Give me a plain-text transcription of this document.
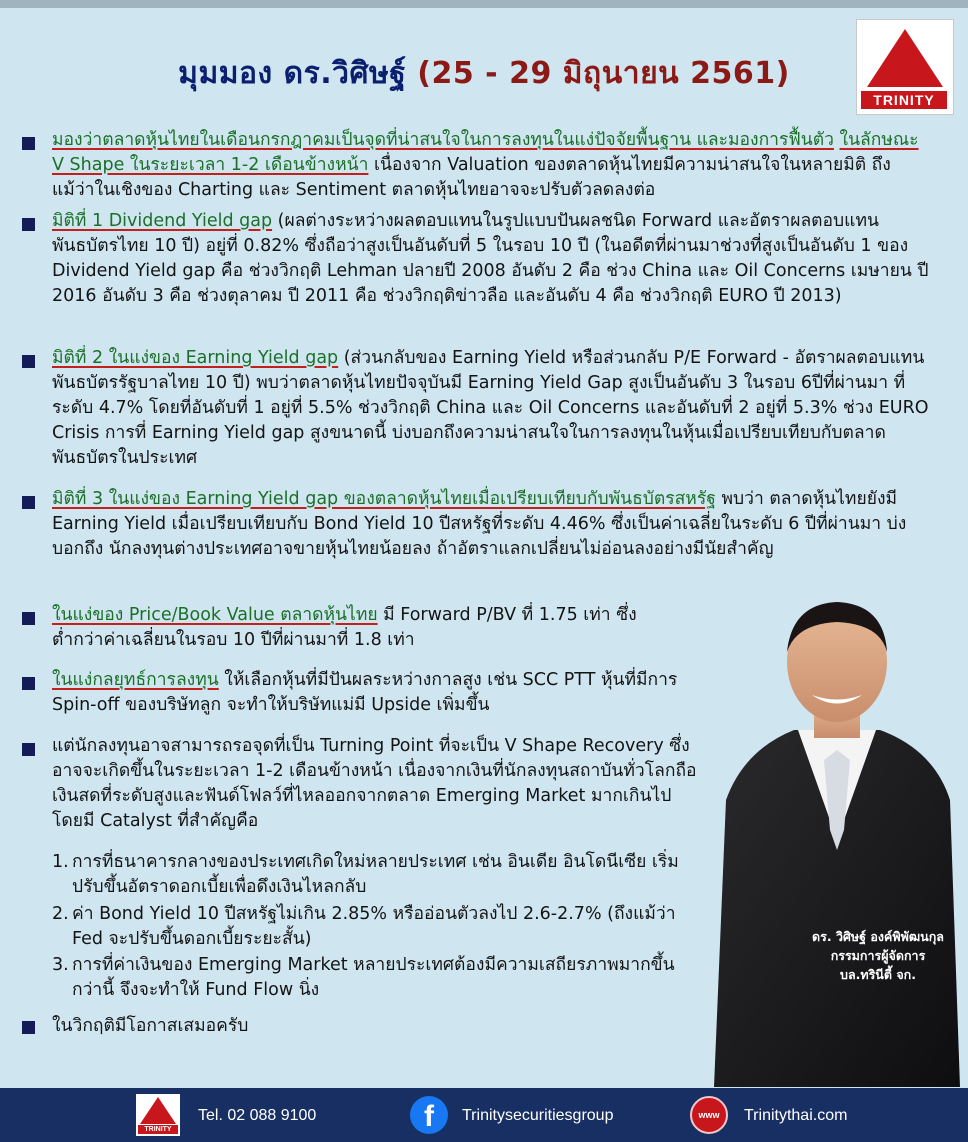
มุมมอง ดร.วิศิษฐ์ (25 - 29 มิถุนายน 2561)
TRINITY
มองว่าตลาดหุ้นไทยในเดือนกรกฎาคมเป็นจุดที่น่าสนใจในการลงทุนในแง่ปัจจัยพื้นฐาน และมองการฟื้นตัว ในลักษณะ V Shape ในระยะเวลา 1-2 เดือนข้างหน้า เนื่องจาก Valuation ของตลาดหุ้นไทยมีความน่าสนใจในหลายมิติ ถึงแม้ว่าในเชิงของ Charting และ Sentiment ตลาดหุ้นไทยอาจจะปรับตัวลดลงต่อ
มิติที่ 1 Dividend Yield gap (ผลต่างระหว่างผลตอบแทนในรูปแบบปันผลชนิด Forward และอัตราผลตอบแทนพันธบัตรไทย 10 ปี) อยู่ที่ 0.82% ซึ่งถือว่าสูงเป็นอันดับที่ 5 ในรอบ 10 ปี (ในอดีตที่ผ่านมาช่วงที่สูงเป็นอันดับ 1 ของ Dividend Yield gap คือ ช่วงวิกฤติ Lehman ปลายปี 2008 อันดับ 2 คือ ช่วง China และ Oil Concerns เมษายน ปี 2016 อันดับ 3 คือ ช่วงตุลาคม ปี 2011 คือ ช่วงวิกฤติข่าวลือ และอันดับ 4 คือ ช่วงวิกฤติ EURO ปี 2013)
มิติที่ 2 ในแง่ของ Earning Yield gap (ส่วนกลับของ Earning Yield หรือส่วนกลับ P/E Forward - อัตราผลตอบแทนพันธบัตรรัฐบาลไทย 10 ปี) พบว่าตลาดหุ้นไทยปัจจุบันมี Earning Yield Gap สูงเป็นอันดับ 3 ในรอบ 6ปีที่ผ่านมา ที่ระดับ 4.7% โดยที่อันดับที่ 1 อยู่ที่ 5.5% ช่วงวิกฤติ China และ Oil Concerns และอันดับที่ 2 อยู่ที่ 5.3% ช่วง EURO Crisis การที่ Earning Yield gap สูงขนาดนี้ บ่งบอกถึงความน่าสนใจในการลงทุนในหุ้นเมื่อเปรียบเทียบกับตลาดพันธบัตรในประเทศ
มิติที่ 3 ในแง่ของ Earning Yield gap ของตลาดหุ้นไทยเมื่อเปรียบเทียบกับพันธบัตรสหรัฐ พบว่า ตลาดหุ้นไทยยังมี Earning Yield เมื่อเปรียบเทียบกับ Bond Yield 10 ปีสหรัฐที่ระดับ 4.46% ซึ่งเป็นค่าเฉลี่ยในระดับ 6 ปีที่ผ่านมา บ่งบอกถึง นักลงทุนต่างประเทศอาจขายหุ้นไทยน้อยลง ถ้าอัตราแลกเปลี่ยนไม่อ่อนลงอย่างมีนัยสำคัญ
ในแง่ของ Price/Book Value ตลาดหุ้นไทย มี Forward P/BV ที่ 1.75 เท่า ซึ่งต่ำกว่าค่าเฉลี่ยนในรอบ 10 ปีที่ผ่านมาที่ 1.8 เท่า
ในแง่กลยุทธ์การลงทุน ให้เลือกหุ้นที่มีปันผลระหว่างกาลสูง เช่น SCC PTT หุ้นที่มีการ Spin-off ของบริษัทลูก จะทำให้บริษัทแม่มี Upside เพิ่มขึ้น
แต่นักลงทุนอาจสามารถรอจุดที่เป็น Turning Point ที่จะเป็น V Shape Recovery ซึ่งอาจจะเกิดขึ้นในระยะเวลา 1-2 เดือนข้างหน้า เนื่องจากเงินที่นักลงทุนสถาบันทั่วโลกถือเงินสดที่ระดับสูงและฟันด์โฟลว์ที่ไหลออกจากตลาด Emerging Market มากเกินไป โดยมี Catalyst ที่สำคัญคือ
1. การที่ธนาคารกลางของประเทศเกิดใหม่หลายประเทศ เช่น อินเดีย อินโดนีเซีย เริ่มปรับขึ้นอัตราดอกเบี้ยเพื่อดึงเงินไหลกลับ
2. ค่า Bond Yield 10 ปีสหรัฐไม่เกิน 2.85% หรืออ่อนตัวลงไป 2.6-2.7% (ถึงแม้ว่า Fed จะปรับขึ้นดอกเบี้ยระยะสั้น)
3. การที่ค่าเงินของ Emerging Market หลายประเทศต้องมีความเสถียรภาพมากขึ้นกว่านี้ จึงจะทำให้ Fund Flow นิ่ง
ในวิกฤติมีโอกาสเสมอครับ
ดร. วิศิษฐ์ องค์พิพัฒนกุล
กรรมการผู้จัดการ
บล.ทรินีตี้ จก.
TRINITY
Tel. 02 088 9100	f	Trinitysecuritiesgroup	www	Trinitythai.com
